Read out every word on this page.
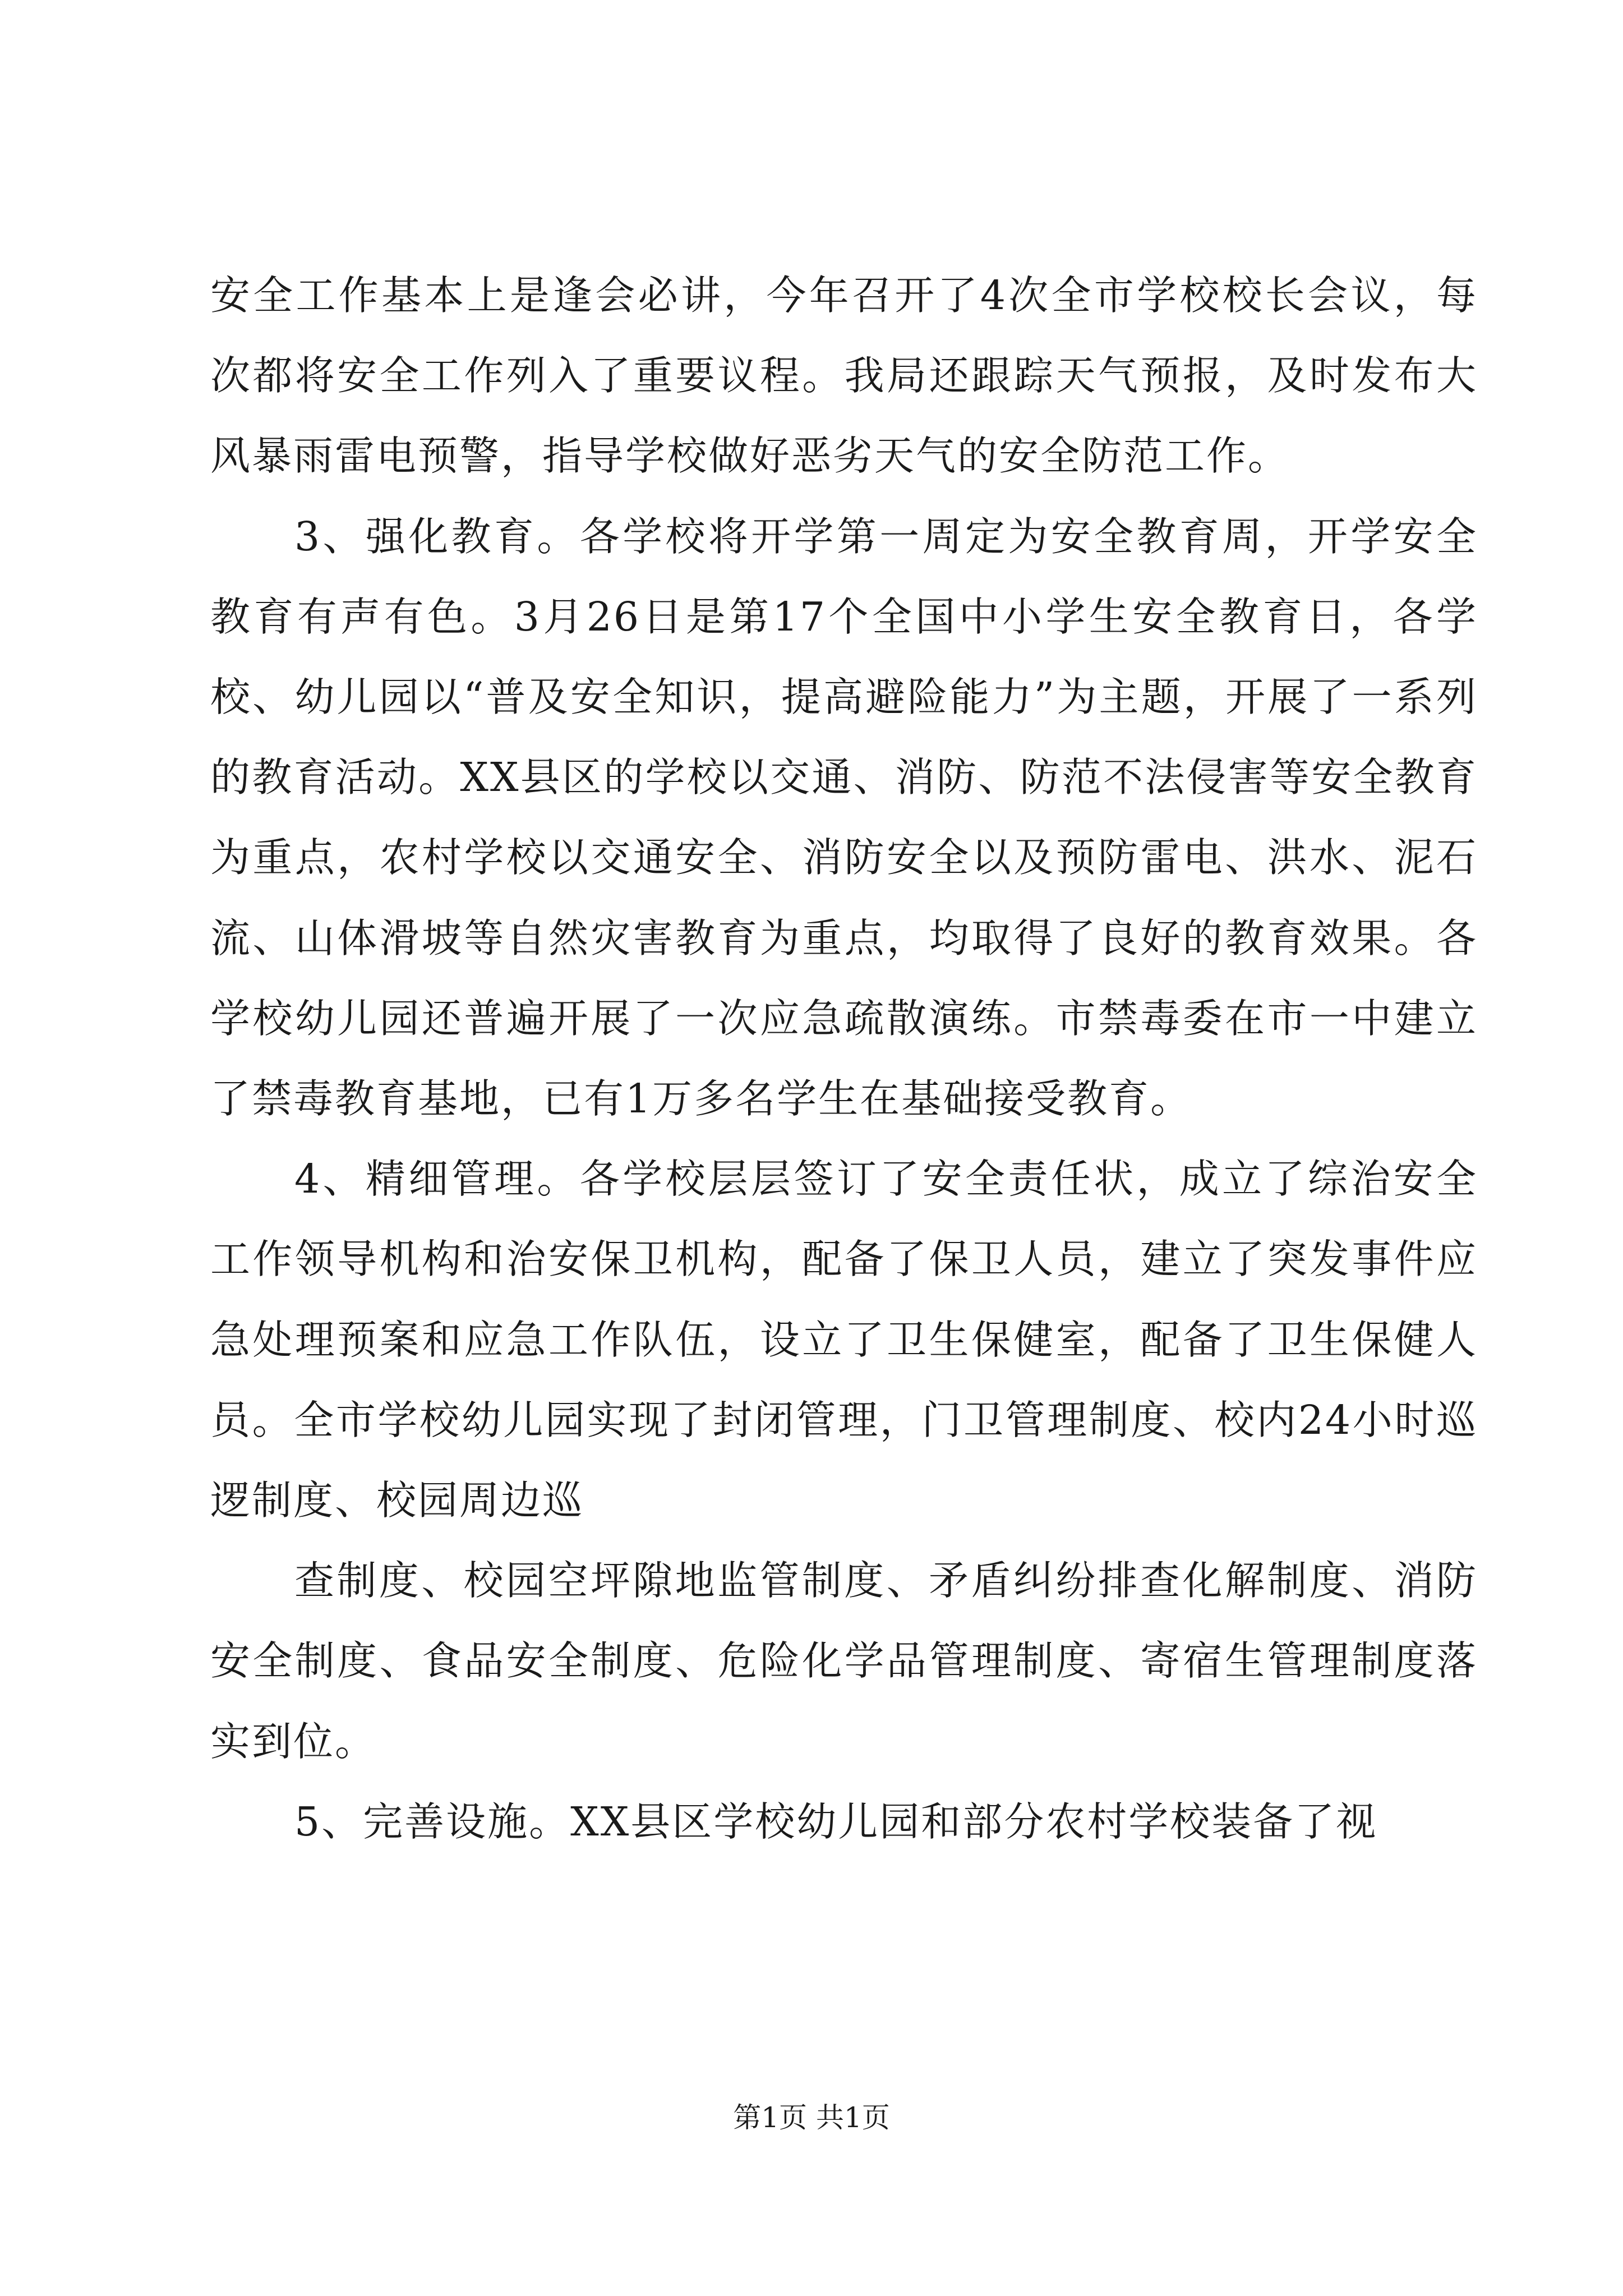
安全工作基本上是逢会必讲，今年召开了4次全市学校校长会议，每次都将安全工作列入了重要议程。我局还跟踪天气预报，及时发布大风暴雨雷电预警，指导学校做好恶劣天气的安全防范工作。

3、强化教育。各学校将开学第一周定为安全教育周，开学安全教育有声有色。3月26日是第17个全国中小学生安全教育日，各学校、幼儿园以“普及安全知识，提高避险能力”为主题，开展了一系列的教育活动。XX县区的学校以交通、消防、防范不法侵害等安全教育为重点，农村学校以交通安全、消防安全以及预防雷电、洪水、泥石流、山体滑坡等自然灾害教育为重点，均取得了良好的教育效果。各学校幼儿园还普遍开展了一次应急疏散演练。市禁毒委在市一中建立了禁毒教育基地，已有1万多名学生在基础接受教育。

4、精细管理。各学校层层签订了安全责任状，成立了综治安全工作领导机构和治安保卫机构，配备了保卫人员，建立了突发事件应急处理预案和应急工作队伍，设立了卫生保健室，配备了卫生保健人员。全市学校幼儿园实现了封闭管理，门卫管理制度、校内24小时巡逻制度、校园周边巡

查制度、校园空坪隙地监管制度、矛盾纠纷排查化解制度、消防安全制度、食品安全制度、危险化学品管理制度、寄宿生管理制度落实到位。

5、完善设施。XX县区学校幼儿园和部分农村学校装备了视

第1页 共1页
